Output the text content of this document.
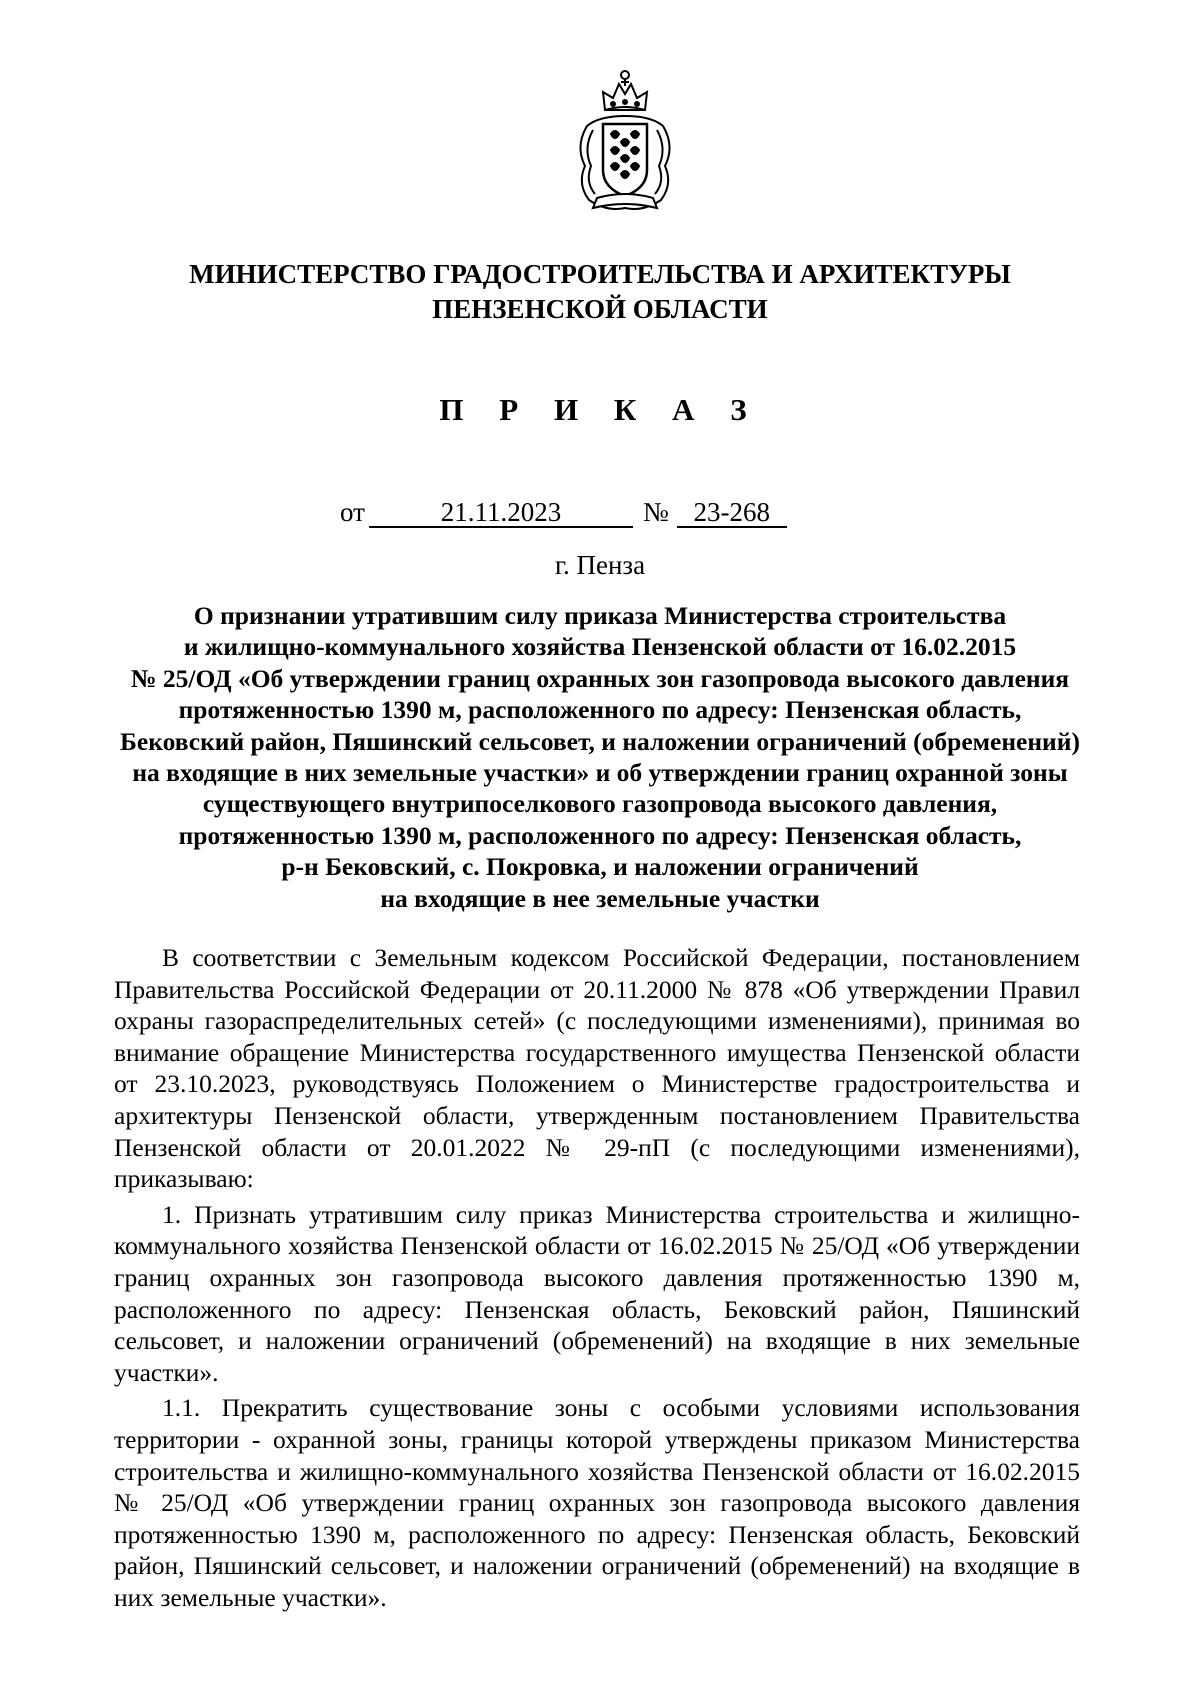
МИНИСТЕРСТВО ГРАДОСТРОИТЕЛЬСТВА И АРХИТЕКТУРЫ
ПЕНЗЕНСКОЙ ОБЛАСТИ
П Р И К А З
от	21.11.2023	№ 23-268
г. Пенза
О признании утратившим силу приказа Министерства строительства
и жилищно-коммунального хозяйства Пензенской области от 16.02.2015
№ 25/ОД «Об утверждении границ охранных зон газопровода высокого давления
протяженностью 1390 м, расположенного по адресу: Пензенская область,
Бековский район, Пяшинский сельсовет, и наложении ограничений (обременений)
на входящие в них земельные участки» и об утверждении границ охранной зоны
существующего внутрипоселкового газопровода высокого давления,
протяженностью 1390 м, расположенного по адресу: Пензенская область,
р-н Бековский, с. Покровка, и наложении ограничений
на входящие в нее земельные участки

В соответствии с Земельным кодексом Российской Федерации, постановлением Правительства Российской Федерации от 20.11.2000 № 878 «Об утверждении Правил охраны газораспределительных сетей» (с последующими изменениями), принимая во внимание обращение Министерства государственного имущества Пензенской области от 23.10.2023, руководствуясь Положением о Министерстве градостроительства и архитектуры Пензенской области, утвержденным постановлением Правительства Пензенской области от 20.01.2022 № 29-пП (с последующими изменениями), приказываю:

1. Признать утратившим силу приказ Министерства строительства и жилищно-коммунального хозяйства Пензенской области от 16.02.2015 № 25/ОД «Об утверждении границ охранных зон газопровода высокого давления протяженностью 1390 м, расположенного по адресу: Пензенская область, Бековский район, Пяшинский сельсовет, и наложении ограничений (обременений) на входящие в них земельные участки».

1.1. Прекратить существование зоны с особыми условиями использования территории - охранной зоны, границы которой утверждены приказом Министерства строительства и жилищно-коммунального хозяйства Пензенской области от 16.02.2015 № 25/ОД «Об утверждении границ охранных зон газопровода высокого давления протяженностью 1390 м, расположенного по адресу: Пензенская область, Бековский район, Пяшинский сельсовет, и наложении ограничений (обременений) на входящие в них земельные участки».
